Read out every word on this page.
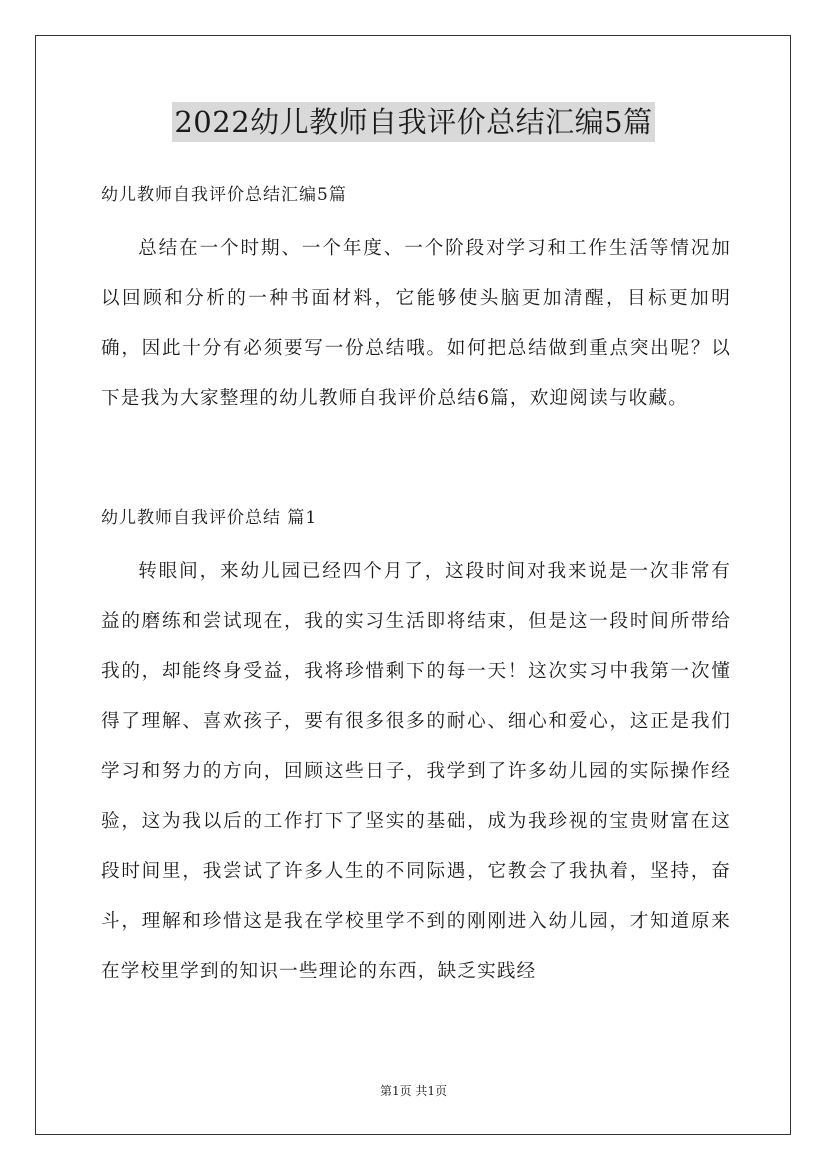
2022幼儿教师自我评价总结汇编5篇

幼儿教师自我评价总结汇编5篇

总结在一个时期、一个年度、一个阶段对学习和工作生活等情况加以回顾和分析的一种书面材料，它能够使头脑更加清醒，目标更加明确，因此十分有必须要写一份总结哦。如何把总结做到重点突出呢？以下是我为大家整理的幼儿教师自我评价总结6篇，欢迎阅读与收藏。

幼儿教师自我评价总结 篇1

转眼间，来幼儿园已经四个月了，这段时间对我来说是一次非常有益的磨练和尝试现在，我的实习生活即将结束，但是这一段时间所带给我的，却能终身受益，我将珍惜剩下的每一天！这次实习中我第一次懂得了理解、喜欢孩子，要有很多很多的耐心、细心和爱心，这正是我们学习和努力的方向，回顾这些日子，我学到了许多幼儿园的实际操作经验，这为我以后的工作打下了坚实的基础，成为我珍视的宝贵财富在这段时间里，我尝试了许多人生的不同际遇，它教会了我执着，坚持，奋斗，理解和珍惜这是我在学校里学不到的刚刚进入幼儿园，才知道原来在学校里学到的知识一些理论的东西，缺乏实践经

第1页 共1页
